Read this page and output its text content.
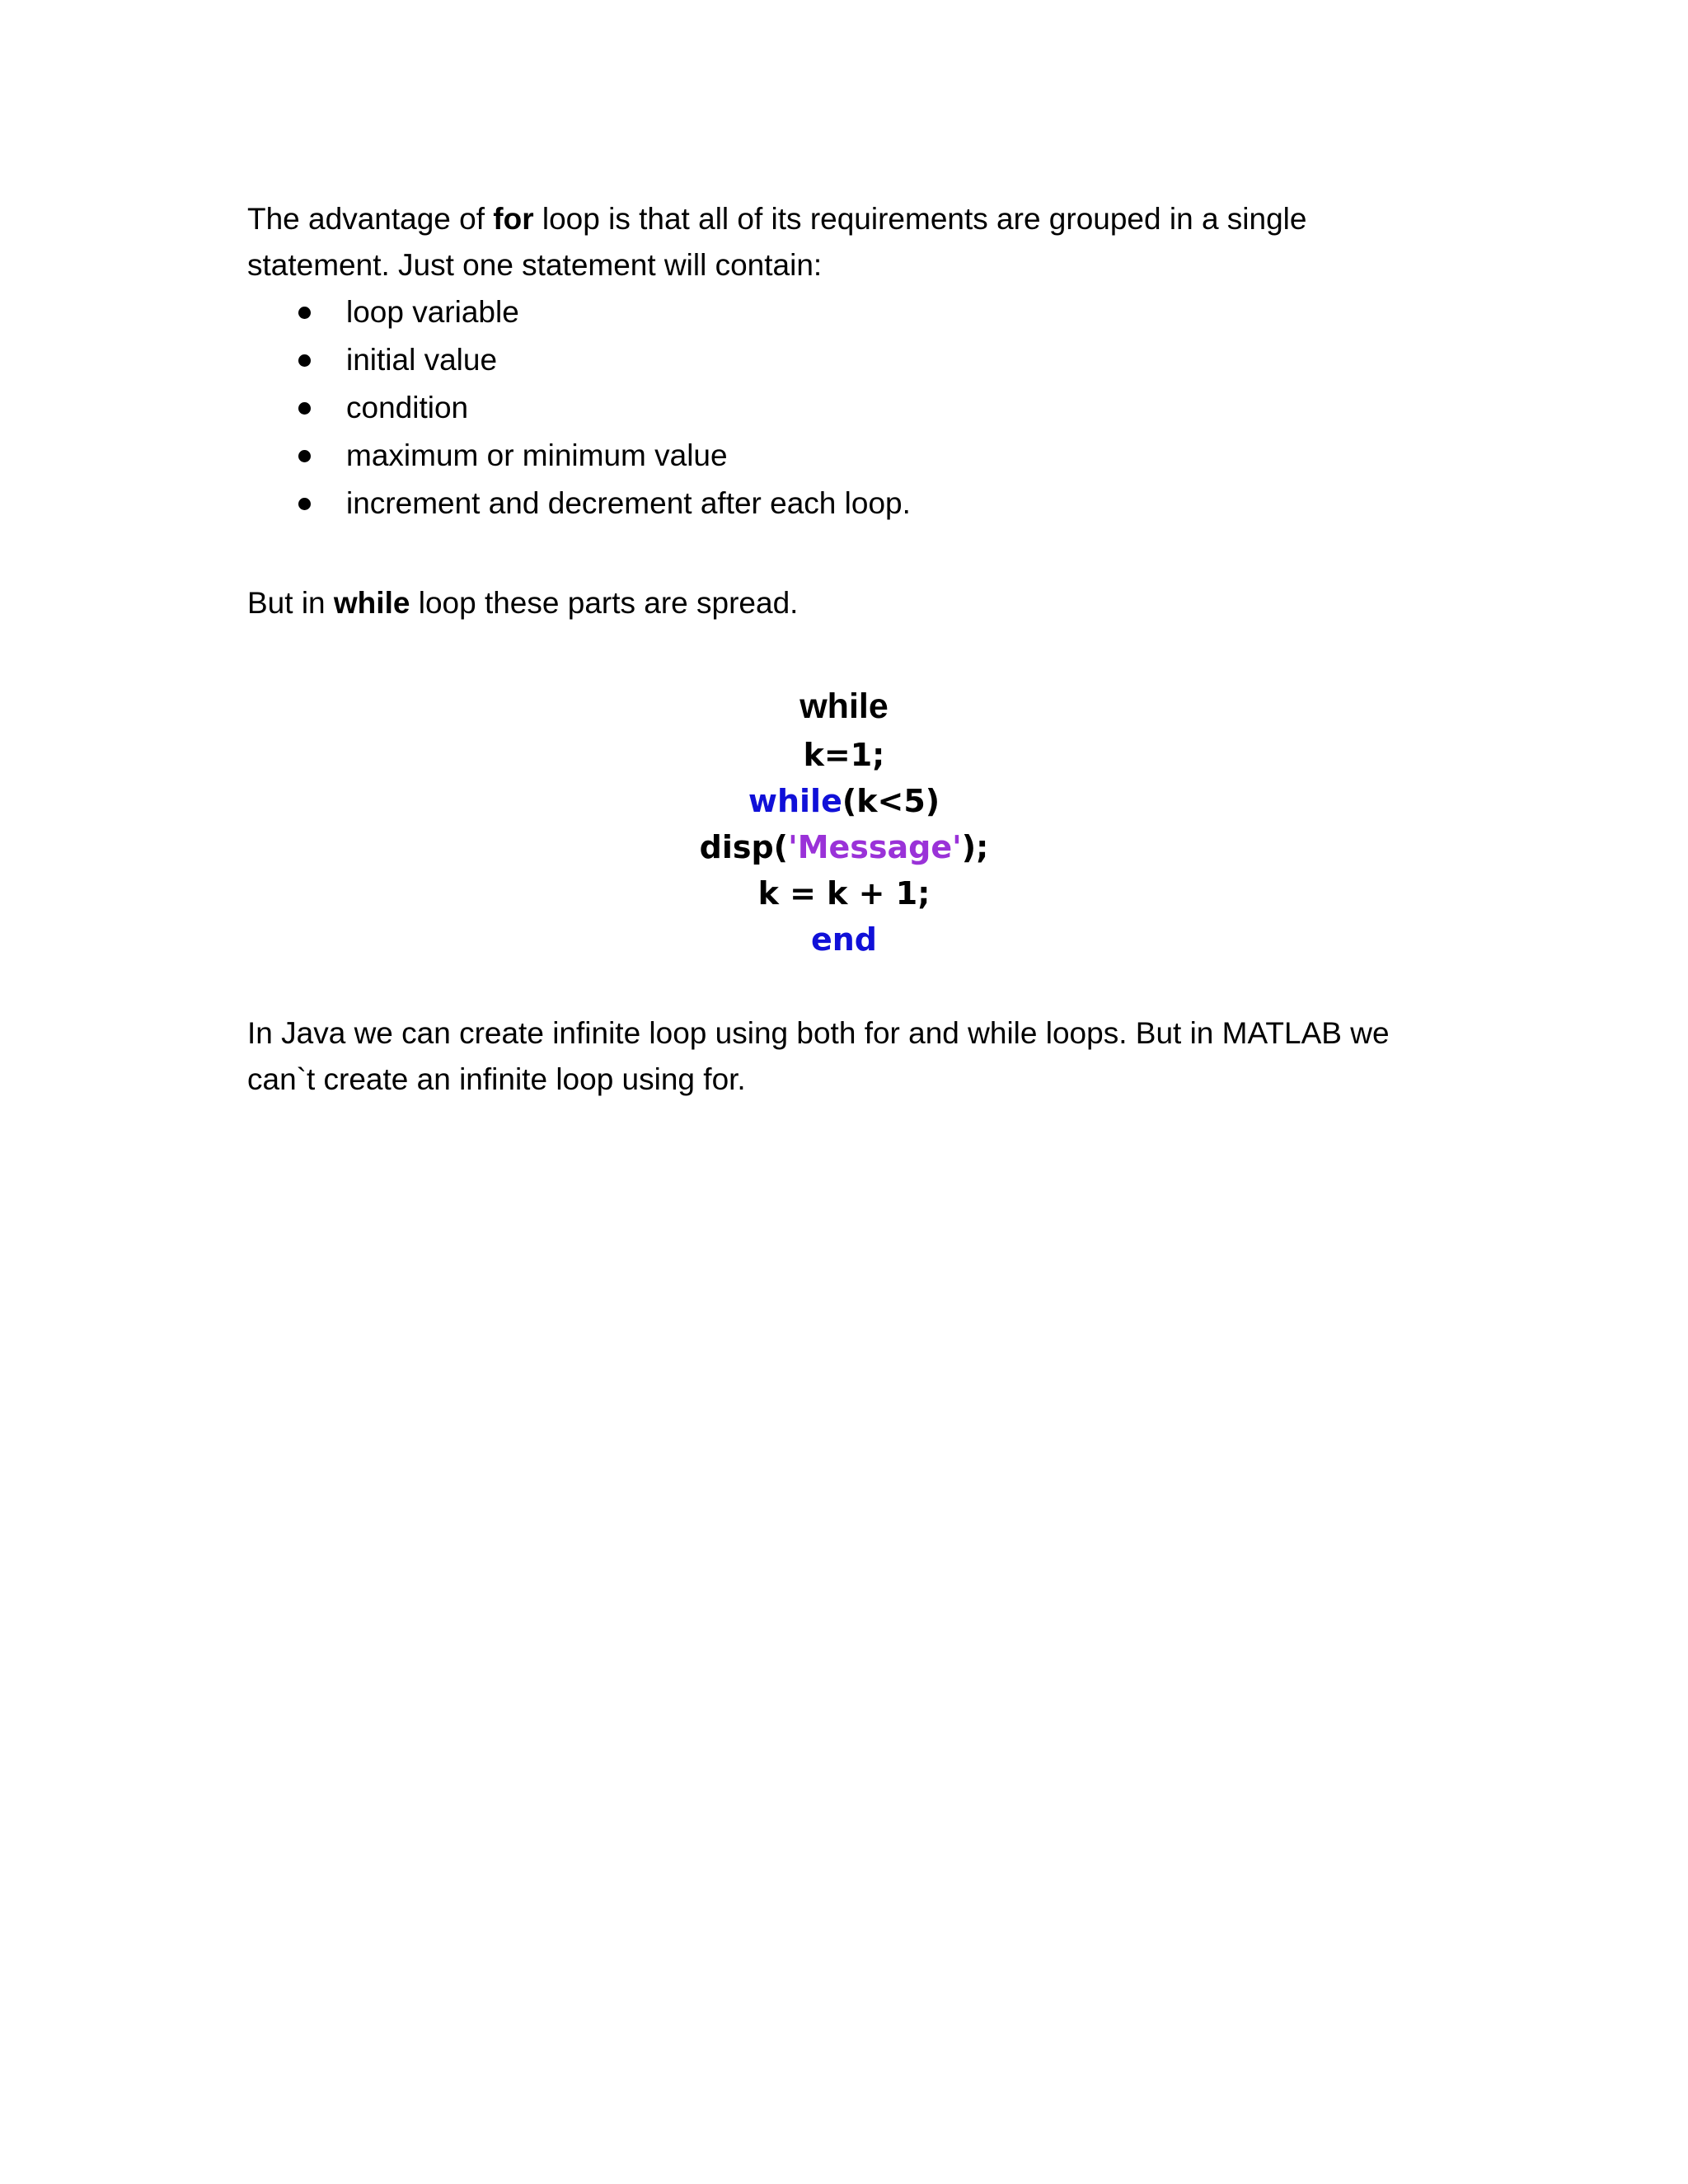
The advantage of for loop is that all of its requirements are grouped in a single statement. Just one statement will contain:

loop variable
initial value
condition
maximum or minimum value
increment and decrement after each loop.

But in while loop these parts are spread.

while
k=1;
while(k<5)
disp('Message');
k = k + 1;
end

In Java we can create infinite loop using both for and while loops. But in MATLAB we can`t create an infinite loop using for.
